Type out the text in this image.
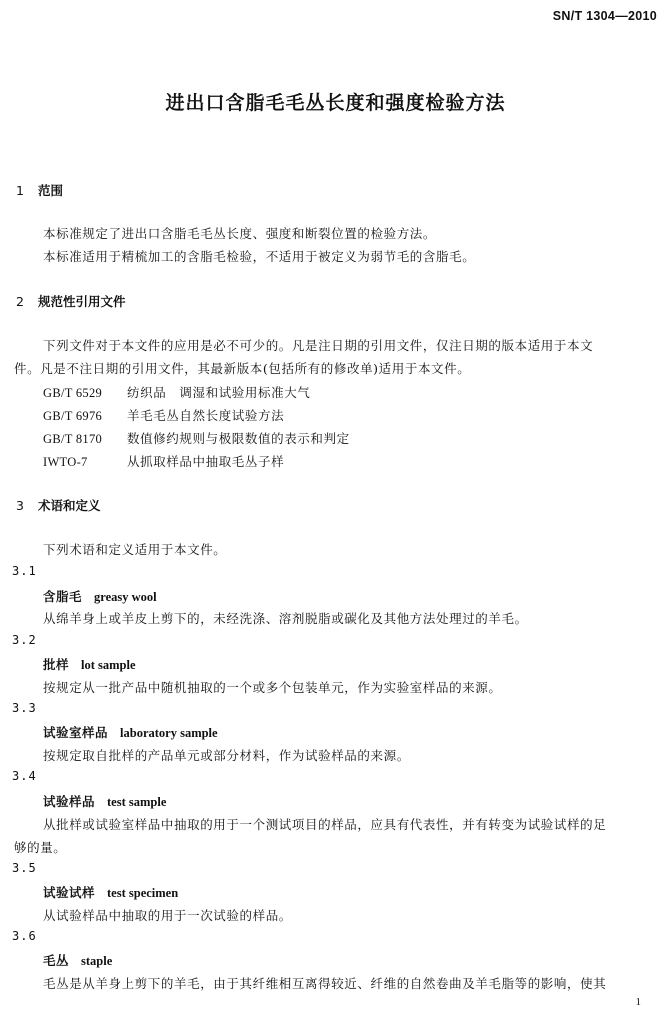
SN/T 1304—2010
进出口含脂毛毛丛长度和强度检验方法
1 范围
本标准规定了进出口含脂毛毛丛长度、强度和断裂位置的检验方法。
本标准适用于精梳加工的含脂毛检验，不适用于被定义为弱节毛的含脂毛。
2 规范性引用文件
下列文件对于本文件的应用是必不可少的。凡是注日期的引用文件，仅注日期的版本适用于本文
件。凡是不注日期的引用文件，其最新版本(包括所有的修改单)适用于本文件。
GB/T 6529 纺织品　调湿和试验用标准大气
GB/T 6976 羊毛毛丛自然长度试验方法
GB/T 8170 数值修约规则与极限数值的表示和判定
IWTO-7	从抓取样品中抽取毛丛子样
3 术语和定义
下列术语和定义适用于本文件。
3.1
含脂毛 greasy wool
从绵羊身上或羊皮上剪下的，未经洗涤、溶剂脱脂或碳化及其他方法处理过的羊毛。
3.2
批样 lot sample
按规定从一批产品中随机抽取的一个或多个包装单元，作为实验室样品的来源。
3.3
试验室样品 laboratory sample
按规定取自批样的产品单元或部分材料，作为试验样品的来源。
3.4
试验样品 test sample
从批样或试验室样品中抽取的用于一个测试项目的样品，应具有代表性，并有转变为试验试样的足
够的量。
3.5
试验试样 test specimen
从试验样品中抽取的用于一次试验的样品。
3.6
毛丛 staple
毛丛是从羊身上剪下的羊毛，由于其纤维相互离得较近、纤维的自然卷曲及羊毛脂等的影响，使其
1
